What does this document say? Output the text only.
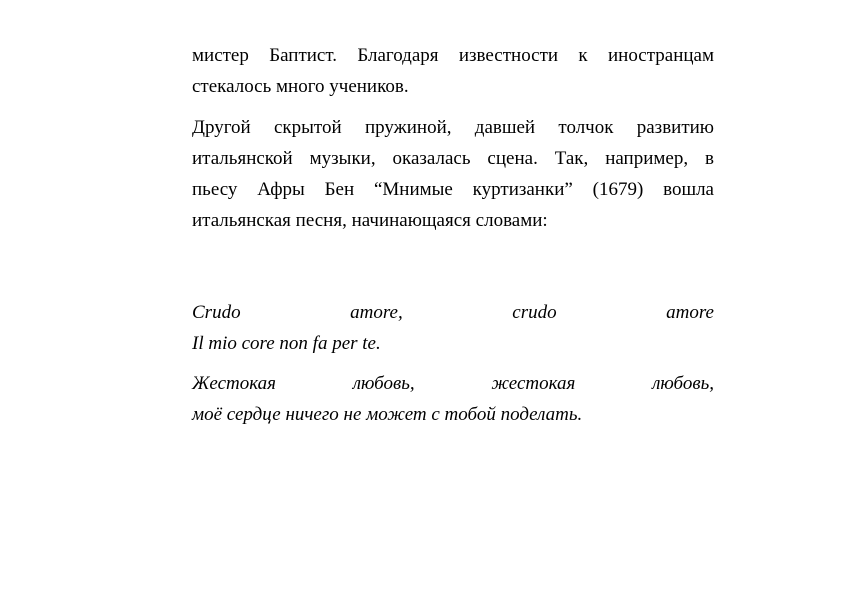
мистер Баптист. Благодаря известности к иностранцам
стекалось много учеников.
Другой скрытой пружиной, давшей толчок развитию
итальянской музыки, оказалась сцена. Так, например, в
пьесу Афры Бен “Мнимые куртизанки” (1679) вошла
итальянская песня, начинающаяся словами:
Crudo amore, crudo amore
Il mio core non fa per te.
Жестокая любовь, жестокая любовь,
моё сердце ничего не может с тобой поделать.
